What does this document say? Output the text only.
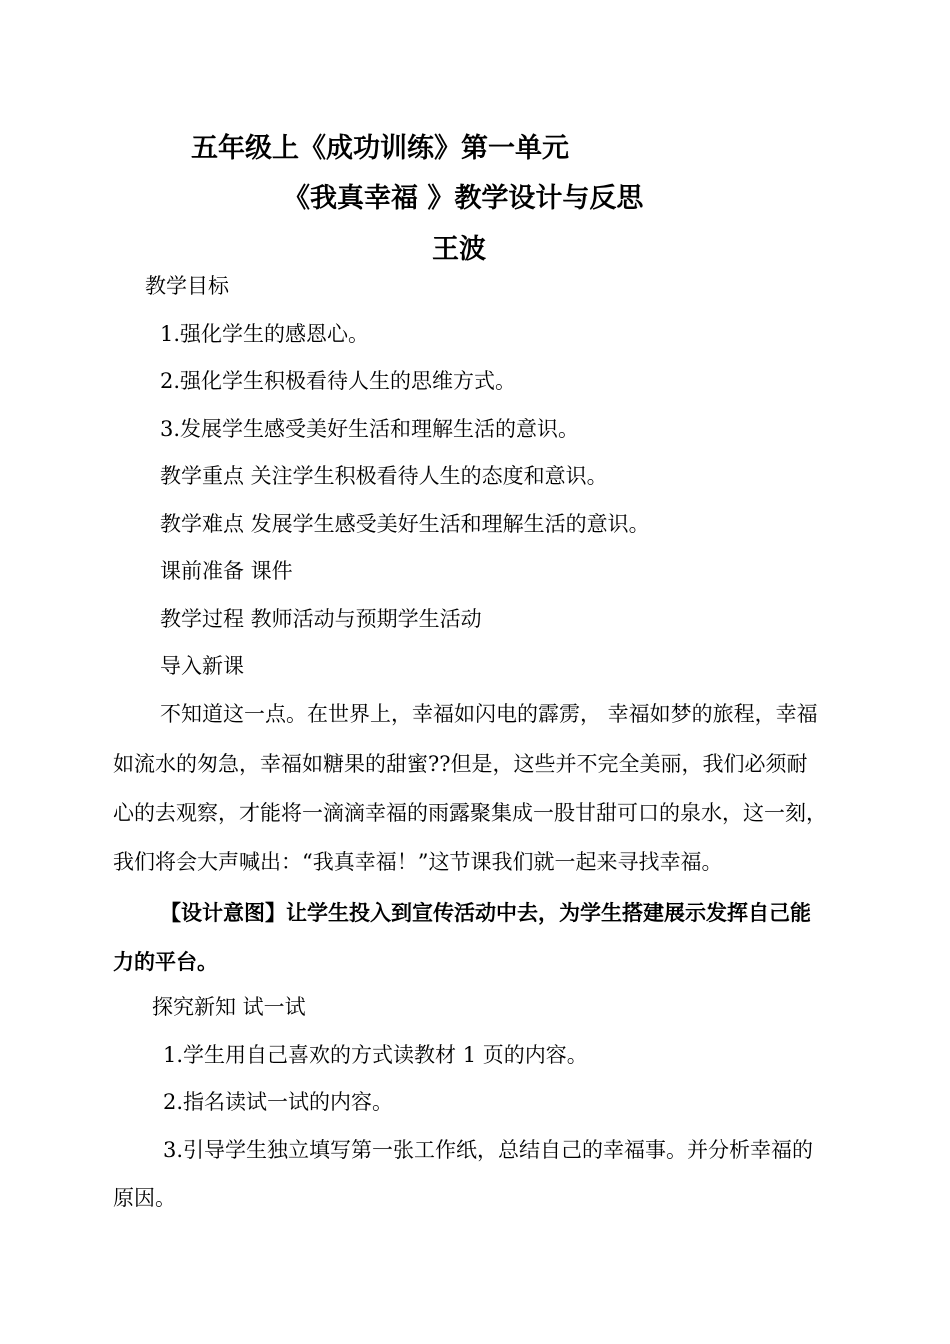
五年级上《成功训练》第一单元
《我真幸福 》教学设计与反思
王波
教学目标
1.强化学生的感恩心。
2.强化学生积极看待人生的思维方式。
3.发展学生感受美好生活和理解生活的意识。
教学重点 关注学生积极看待人生的态度和意识。
教学难点 发展学生感受美好生活和理解生活的意识。
课前准备 课件
教学过程 教师活动与预期学生活动
导入新课
不知道这一点。在世界上，幸福如闪电的霹雳， 幸福如梦的旅程，幸福
如流水的匆急，幸福如糖果的甜蜜??但是，这些并不完全美丽，我们必须耐
心的去观察，才能将一滴滴幸福的雨露聚集成一股甘甜可口的泉水，这一刻，
我们将会大声喊出：“我真幸福！”这节课我们就一起来寻找幸福。
【设计意图】让学生投入到宣传活动中去，为学生搭建展示发挥自己能
力的平台。
探究新知 试一试
1.学生用自己喜欢的方式读教材 1 页的内容。
2.指名读试一试的内容。
3.引导学生独立填写第一张工作纸，总结自己的幸福事。并分析幸福的
原因。
